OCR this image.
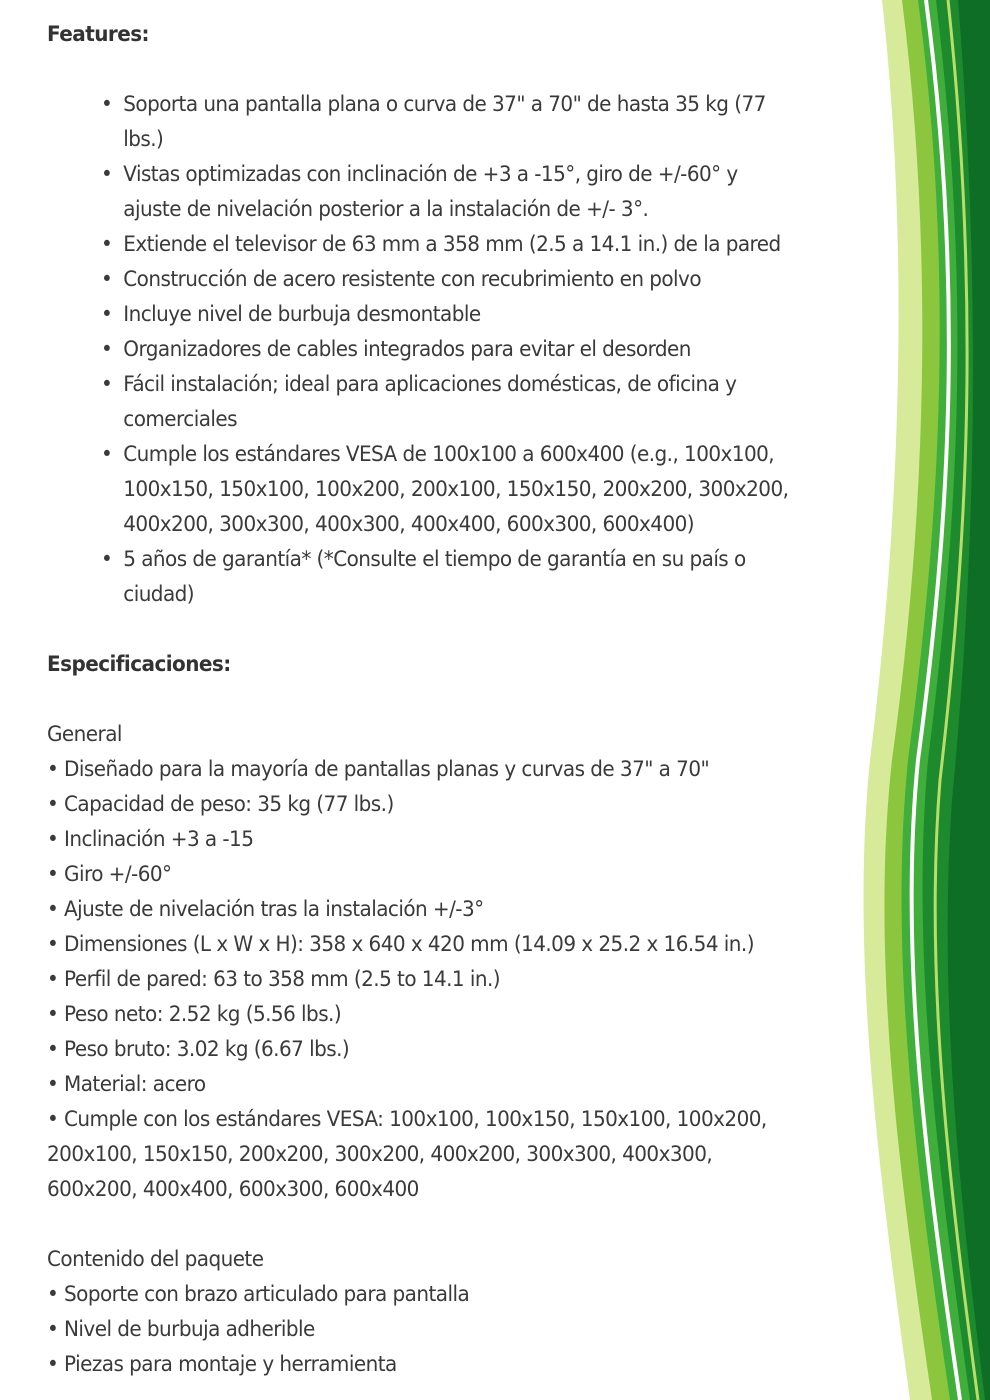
Features:

• Soporta una pantalla plana o curva de 37" a 70" de hasta 35 kg (77 lbs.)
• Vistas optimizadas con inclinación de +3 a -15°, giro de +/-60° y ajuste de nivelación posterior a la instalación de +/- 3°.
• Extiende el televisor de 63 mm a 358 mm (2.5 a 14.1 in.) de la pared
• Construcción de acero resistente con recubrimiento en polvo
• Incluye nivel de burbuja desmontable
• Organizadores de cables integrados para evitar el desorden
• Fácil instalación; ideal para aplicaciones domésticas, de oficina y comerciales
• Cumple los estándares VESA de 100x100 a 600x400 (e.g., 100x100, 100x150, 150x100, 100x200, 200x100, 150x150, 200x200, 300x200, 400x200, 300x300, 400x300, 400x400, 600x300, 600x400)
• 5 años de garantía* (*Consulte el tiempo de garantía en su país o ciudad)

Especificaciones:

General

• Diseñado para la mayoría de pantallas planas y curvas de 37" a 70"
• Capacidad de peso: 35 kg (77 lbs.)
• Inclinación +3 a -15
• Giro +/-60°
• Ajuste de nivelación tras la instalación +/-3°
• Dimensiones (L x W x H): 358 x 640 x 420 mm (14.09 x 25.2 x 16.54 in.)
• Perfil de pared: 63 to 358 mm (2.5 to 14.1 in.)
• Peso neto: 2.52 kg (5.56 lbs.)
• Peso bruto: 3.02 kg (6.67 lbs.)
• Material: acero
• Cumple con los estándares VESA: 100x100, 100x150, 150x100, 100x200, 200x100, 150x150, 200x200, 300x200, 400x200, 300x300, 400x300, 600x200, 400x400, 600x300, 600x400

Contenido del paquete

• Soporte con brazo articulado para pantalla
• Nivel de burbuja adherible
• Piezas para montaje y herramienta
